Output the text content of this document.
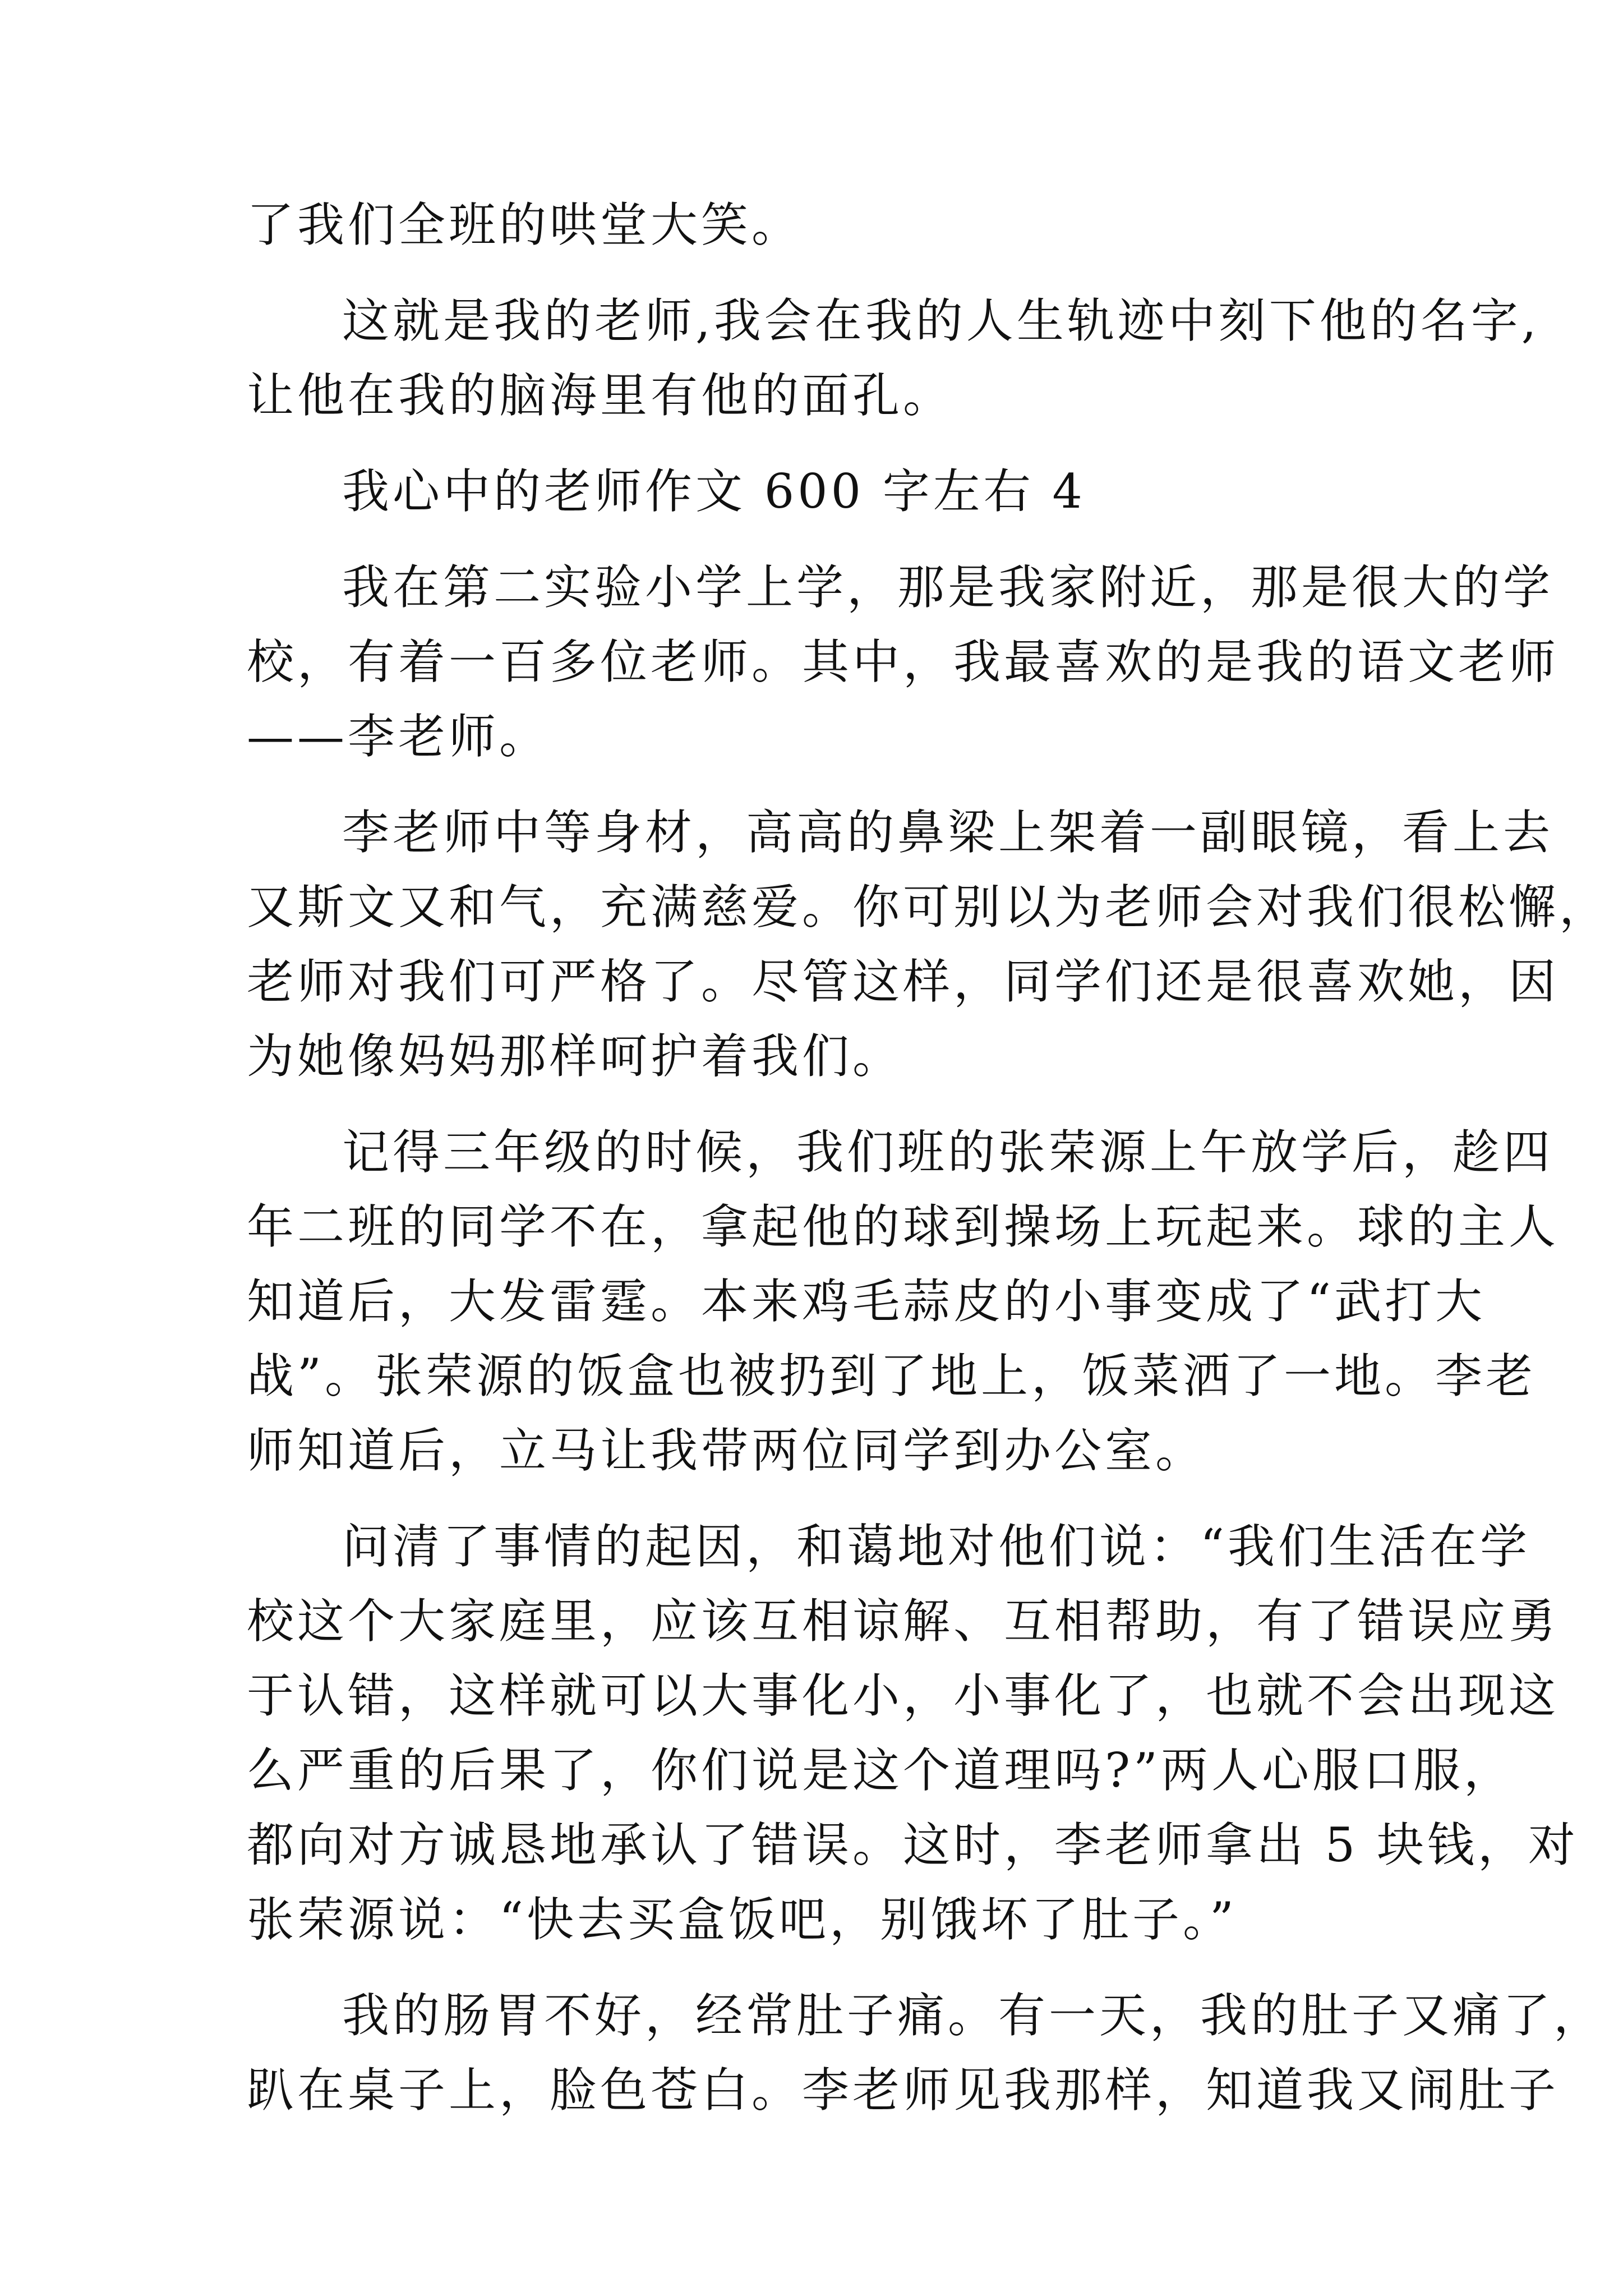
了我们全班的哄堂大笑。
这就是我的老师,我会在我的人生轨迹中刻下他的名字,
让他在我的脑海里有他的面孔。
我心中的老师作文 600 字左右 4
我在第二实验小学上学，那是我家附近，那是很大的学
校，有着一百多位老师。其中，我最喜欢的是我的语文老师
——李老师。
李老师中等身材，高高的鼻梁上架着一副眼镜，看上去
又斯文又和气，充满慈爱。你可别以为老师会对我们很松懈，
老师对我们可严格了。尽管这样，同学们还是很喜欢她，因
为她像妈妈那样呵护着我们。
记得三年级的时候，我们班的张荣源上午放学后，趁四
年二班的同学不在，拿起他的球到操场上玩起来。球的主人
知道后，大发雷霆。本来鸡毛蒜皮的小事变成了“武打大
战”。张荣源的饭盒也被扔到了地上，饭菜洒了一地。李老
师知道后，立马让我带两位同学到办公室。
问清了事情的起因，和蔼地对他们说：“我们生活在学
校这个大家庭里，应该互相谅解、互相帮助，有了错误应勇
于认错，这样就可以大事化小，小事化了，也就不会出现这
么严重的后果了，你们说是这个道理吗?”两人心服口服，
都向对方诚恳地承认了错误。这时，李老师拿出 5 块钱，对
张荣源说：“快去买盒饭吧，别饿坏了肚子。”
我的肠胃不好，经常肚子痛。有一天，我的肚子又痛了，
趴在桌子上，脸色苍白。李老师见我那样，知道我又闹肚子
